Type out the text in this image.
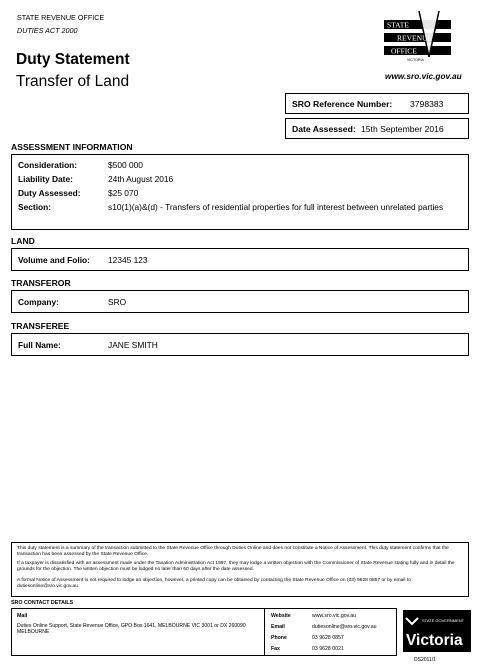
STATE REVENUE OFFICE
DUTIES ACT 2000
Duty Statement
Transfer of Land
STATE
REVENUE
OFFICE
VICTORIA
www.sro.vic.gov.au
SRO Reference Number: 3798383
Date Assessed: 15th September 2016
ASSESSMENT INFORMATION
Consideration:	$500 000
Liability Date:	24th August 2016
Duty Assessed:	$25 070
Section:	s10(1)(a)&(d) - Transfers of residential properties for full interest between unrelated parties
LAND
Volume and Folio: 12345 123
TRANSFEROR
Company:	SRO
TRANSFEREE
Full Name:	JANE SMITH
This duty statement is a summary of the transaction submitted to the State Revenue Office through Duties Online and does not constitute a Notice of Assessment. This duty statement confirms that the transaction has been assessed by the State Revenue Office.
If a taxpayer is dissatisfied with an assessment made under the Taxation Administration Act 1997, they may lodge a written objection with the Commissioner of State Revenue stating fully and in detail the grounds for the objection. The written objection must be lodged no later than 60 days after the date assessed.
A formal Notice of Assessment is not required to lodge an objection, however, a printed copy can be obtained by contacting the State Revenue Office on (03) 9628 0857 or by email to dutiesonline@sro.vic.gov.au.
SRO CONTACT DETAILS
Mail
Duties Online Support, State Revenue Office, GPO Box 1641, MELBOURNE VIC 3001 or DX 260090 MELBOURNE
Website	www.sro.vic.gov.au
Email	dutiesonline@sro.vic.gov.au
Phone	03 9628 0857
Fax	03 9628 0021
STATE GOVERNMENT
Victoria
DS2011/1
